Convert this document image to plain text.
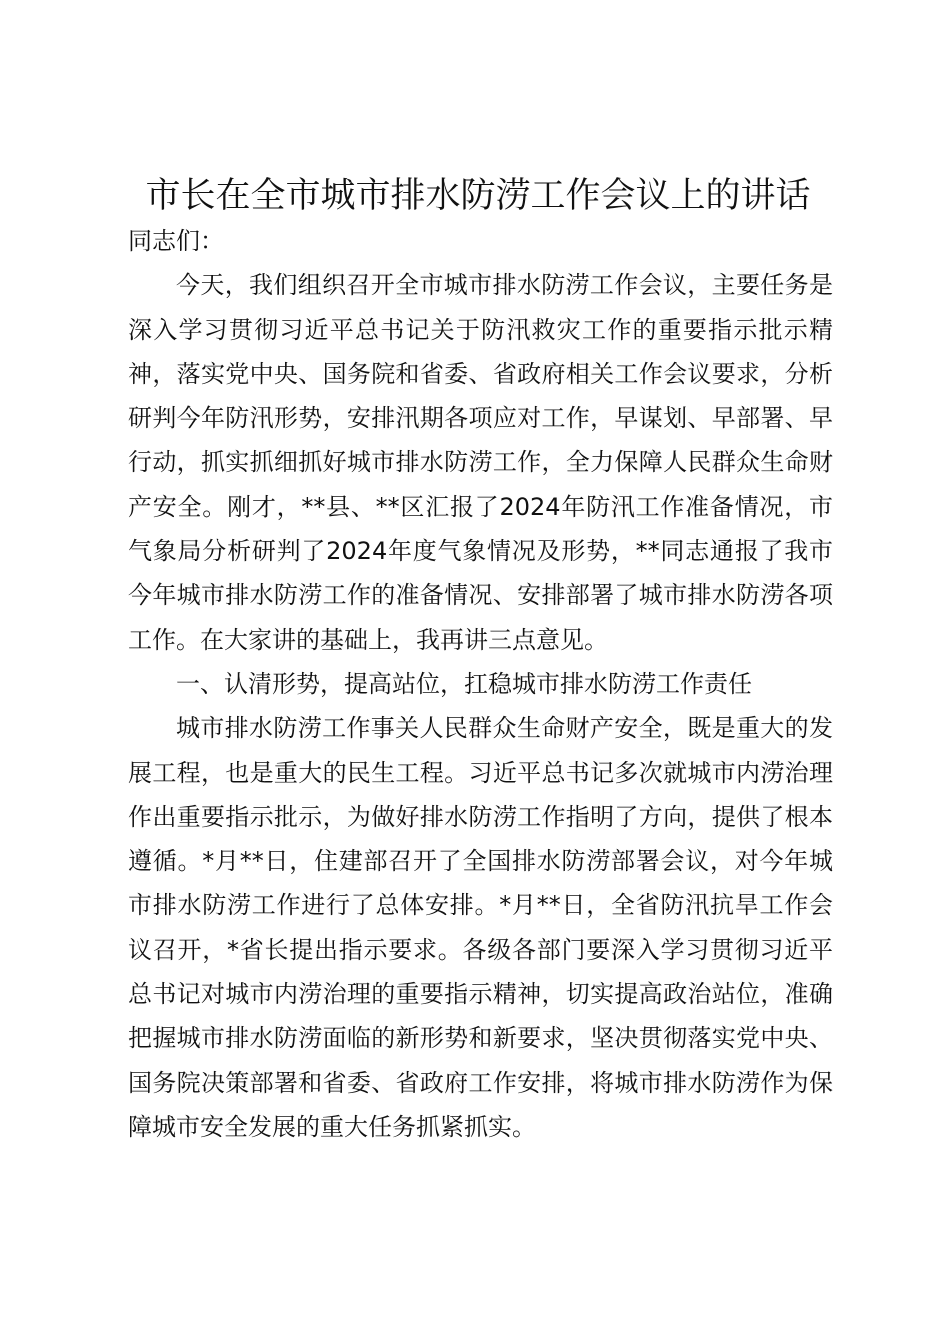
市长在全市城市排水防涝工作会议上的讲话

同志们：

今天，我们组织召开全市城市排水防涝工作会议，主要任务是深入学习贯彻习近平总书记关于防汛救灾工作的重要指示批示精神，落实党中央、国务院和省委、省政府相关工作会议要求，分析研判今年防汛形势，安排汛期各项应对工作，早谋划、早部署、早行动，抓实抓细抓好城市排水防涝工作，全力保障人民群众生命财产安全。刚才，**县、**区汇报了2024年防汛工作准备情况，市气象局分析研判了2024年度气象情况及形势，**同志通报了我市今年城市排水防涝工作的准备情况、安排部署了城市排水防涝各项工作。在大家讲的基础上，我再讲三点意见。

一、认清形势，提高站位，扛稳城市排水防涝工作责任

城市排水防涝工作事关人民群众生命财产安全，既是重大的发展工程，也是重大的民生工程。习近平总书记多次就城市内涝治理作出重要指示批示，为做好排水防涝工作指明了方向，提供了根本遵循。*月**日，住建部召开了全国排水防涝部署会议，对今年城市排水防涝工作进行了总体安排。*月**日，全省防汛抗旱工作会议召开，*省长提出指示要求。各级各部门要深入学习贯彻习近平总书记对城市内涝治理的重要指示精神，切实提高政治站位，准确把握城市排水防涝面临的新形势和新要求，坚决贯彻落实党中央、国务院决策部署和省委、省政府工作安排，将城市排水防涝作为保障城市安全发展的重大任务抓紧抓实。
